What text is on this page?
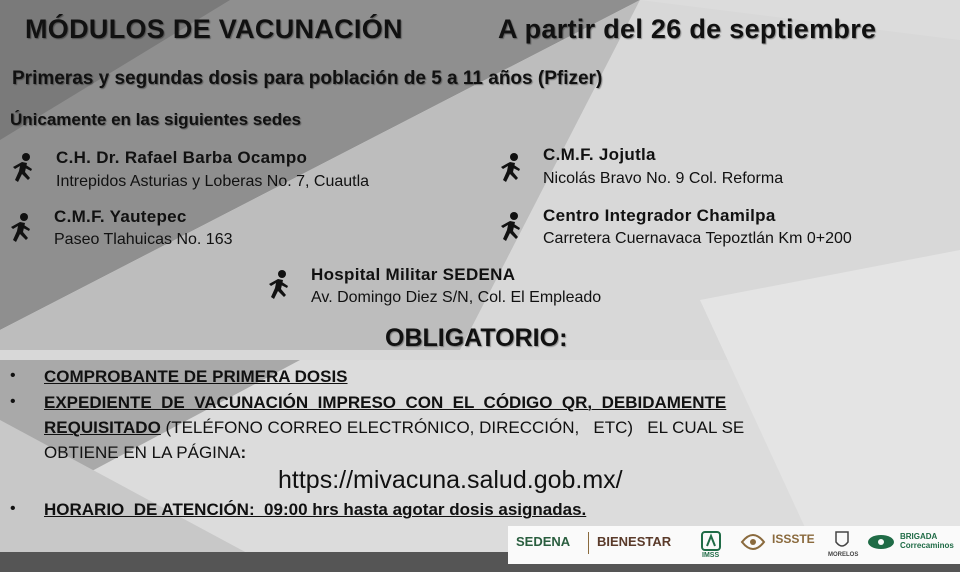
MÓDULOS DE VACUNACIÓN	A partir del 26 de septiembre
Primeras y segundas dosis para población de 5 a 11 años (Pfizer)
Únicamente en las siguientes sedes
C.H. Dr. Rafael Barba Ocampo
Intrepidos Asturias y Loberas No. 7, Cuautla
C.M.F. Jojutla
Nicolás Bravo No. 9 Col. Reforma
C.M.F. Yautepec
Paseo Tlahuicas No. 163
Centro Integrador Chamilpa
Carretera Cuernavaca Tepoztlán Km 0+200
Hospital Militar SEDENA
Av. Domingo Diez S/N, Col. El Empleado
OBLIGATORIO:
• COMPROBANTE DE PRIMERA DOSIS
• EXPEDIENTE  DE  VACUNACIÓN  IMPRESO  CON  EL  CÓDIGO  QR,  DEBIDAMENTE
REQUISITADO (TELÉFONO CORREO ELECTRÓNICO, DIRECCIÓN,   ETC)   EL CUAL SE
OBTIENE EN LA PÁGINA:
https://mivacuna.salud.gob.mx/
• HORARIO  DE ATENCIÓN:  09:00 hrs hasta agotar dosis asignadas.
SEDENA BIENESTAR
IMSS
ISSSTE
MORELOS
BRIGADA Correcaminos
